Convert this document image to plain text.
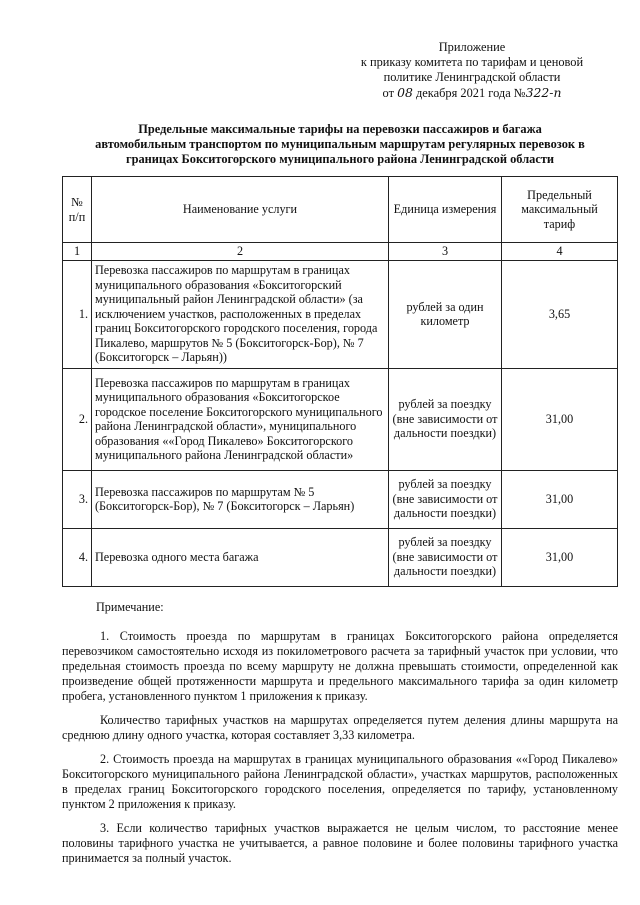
Приложение
к приказу комитета по тарифам и ценовой
политике Ленинградской области
от 08 декабря 2021 года №322-п
Предельные максимальные тарифы на перевозки пассажиров и багажа
автомобильным транспортом по муниципальным маршрутам регулярных перевозок в
границах Бокситогорского муниципального района Ленинградской области
№ п/п	Наименование услуги	Единица измерения	Предельный максимальный тариф
1	2	3	4
1.	Перевозка пассажиров по маршрутам в границах муниципального образования «Бокситогорский муниципальный район Ленинградской области» (за исключением участков, расположенных в пределах границ Бокситогорского городского поселения, города Пикалево, маршрутов № 5 (Бокситогорск-Бор), № 7 (Бокситогорск – Ларьян))	рублей за один километр	3,65
2.	Перевозка пассажиров по маршрутам в границах муниципального образования «Бокситогорское городское поселение Бокситогорского муниципального района Ленинградской области», муниципального образования ««Город Пикалево» Бокситогорского муниципального района Ленинградской области»	рублей за поездку (вне зависимости от дальности поездки)	31,00
3.	Перевозка пассажиров по маршрутам № 5 (Бокситогорск-Бор), № 7 (Бокситогорск – Ларьян)	рублей за поездку (вне зависимости от дальности поездки)	31,00
4.	Перевозка одного места багажа	рублей за поездку (вне зависимости от дальности поездки)	31,00

Примечание:

1. Стоимость проезда по маршрутам в границах Бокситогорского района определяется перевозчиком самостоятельно исходя из покилометрового расчета за тарифный участок при условии, что предельная стоимость проезда по всему маршруту не должна превышать стоимости, определенной как произведение общей протяженности маршрута и предельного максимального тарифа за один километр пробега, установленного пунктом 1 приложения к приказу.

Количество тарифных участков на маршрутах определяется путем деления длины маршрута на среднюю длину одного участка, которая составляет 3,33 километра.

2. Стоимость проезда на маршрутах в границах муниципального образования ««Город Пикалево» Бокситогорского муниципального района Ленинградской области», участках маршрутов, расположенных в пределах границ Бокситогорского городского поселения, определяется по тарифу, установленному пунктом 2 приложения к приказу.

3. Если количество тарифных участков выражается не целым числом, то расстояние менее половины тарифного участка не учитывается, а равное половине и более половины тарифного участка принимается за полный участок.
